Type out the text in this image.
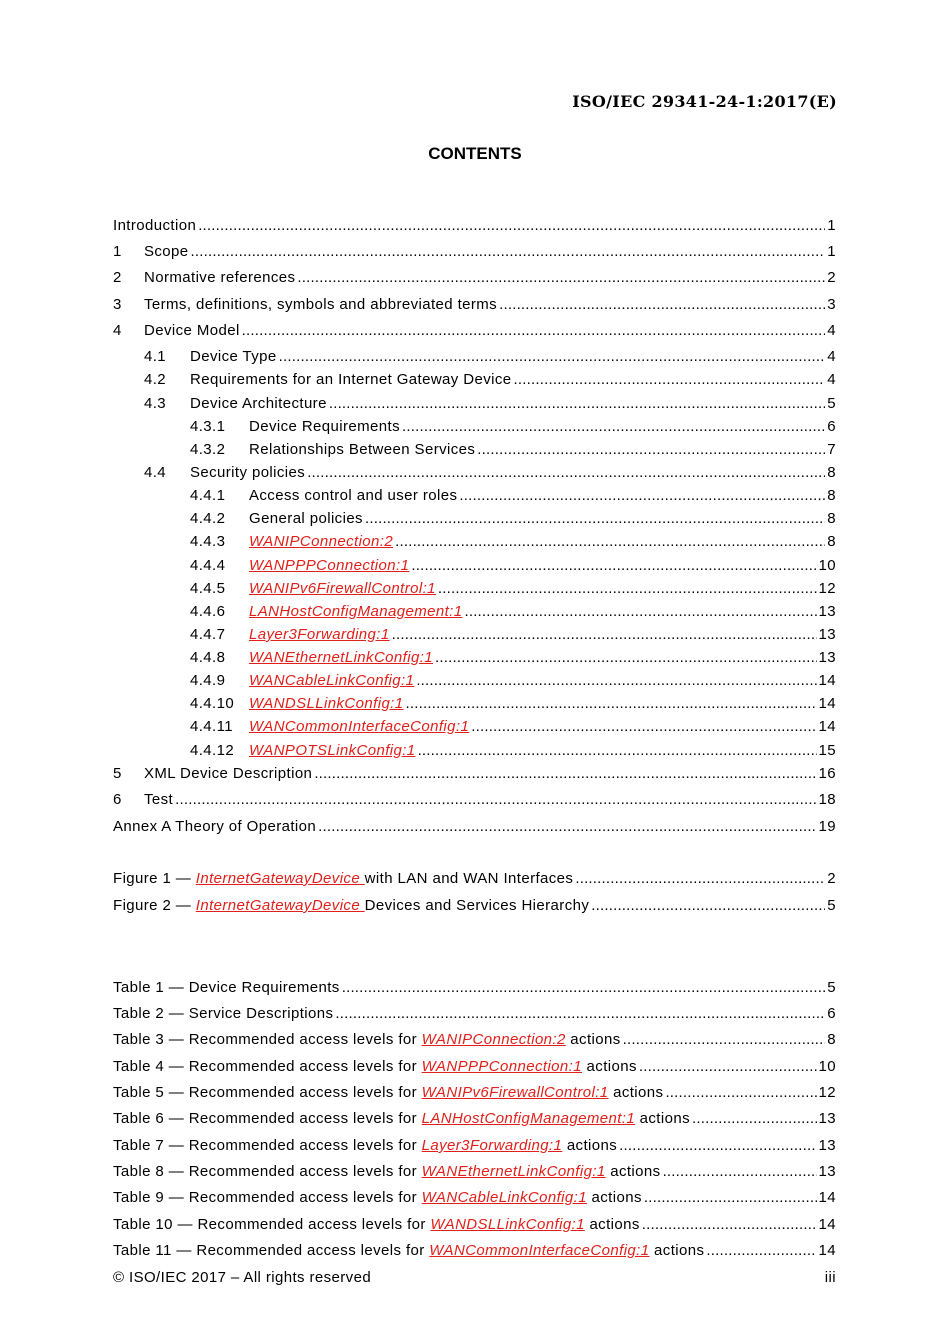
ISO/IEC 29341-24-1:2017(E)
CONTENTS
Introduction .....	1
1	Scope .....	1
2	Normative references .....	2
3	Terms, definitions, symbols and abbreviated terms .....	3
4	Device Model .....	4
4.1	Device Type .....	4
4.2	Requirements for an Internet Gateway Device .....	4
4.3	Device Architecture .....	5
4.3.1	Device Requirements .....	6
4.3.2	Relationships Between Services .....	7
4.4	Security policies .....	8
4.4.1	Access control and user roles .....	8
4.4.2	General policies .....	8
4.4.3	WANIPConnection:2 .....	8
4.4.4	WANPPPConnection:1 .....	10
4.4.5	WANIPv6FirewallControl:1 .....	12
4.4.6	LANHostConfigManagement:1 .....	13
4.4.7	Layer3Forwarding:1 .....	13
4.4.8	WANEthernetLinkConfig:1 .....	13
4.4.9	WANCableLinkConfig:1 .....	14
4.4.10 WANDSLLinkConfig:1 .....	14
4.4.11	WANCommonInterfaceConfig:1 .....	14
4.4.12 WANPOTSLinkConfig:1 .....	15
5	XML Device Description .....	16
6	Test .....	18
Annex A Theory of Operation .....	19
Figure 1 — InternetGatewayDevice with LAN and WAN Interfaces .....	2
Figure 2 — InternetGatewayDevice Devices and Services Hierarchy .....	5
Table 1 — Device Requirements .....	5
Table 2 — Service Descriptions .....	6
Table 3 — Recommended access levels for WANIPConnection:2 actions .....	8
Table 4 — Recommended access levels for WANPPPConnection:1 actions .....	10
Table 5 — Recommended access levels for WANIPv6FirewallControl:1 actions .....	12
Table 6 — Recommended access levels for LANHostConfigManagement:1 actions .....	13
Table 7 — Recommended access levels for Layer3Forwarding:1 actions .....	13
Table 8 — Recommended access levels for WANEthernetLinkConfig:1 actions .....	13
Table 9 — Recommended access levels for WANCableLinkConfig:1 actions .....	14
Table 10 — Recommended access levels for WANDSLLinkConfig:1 actions .....	14
Table 11 — Recommended access levels for WANCommonInterfaceConfig:1 actions .....	14
© ISO/IEC 2017 – All rights reserved	iii
